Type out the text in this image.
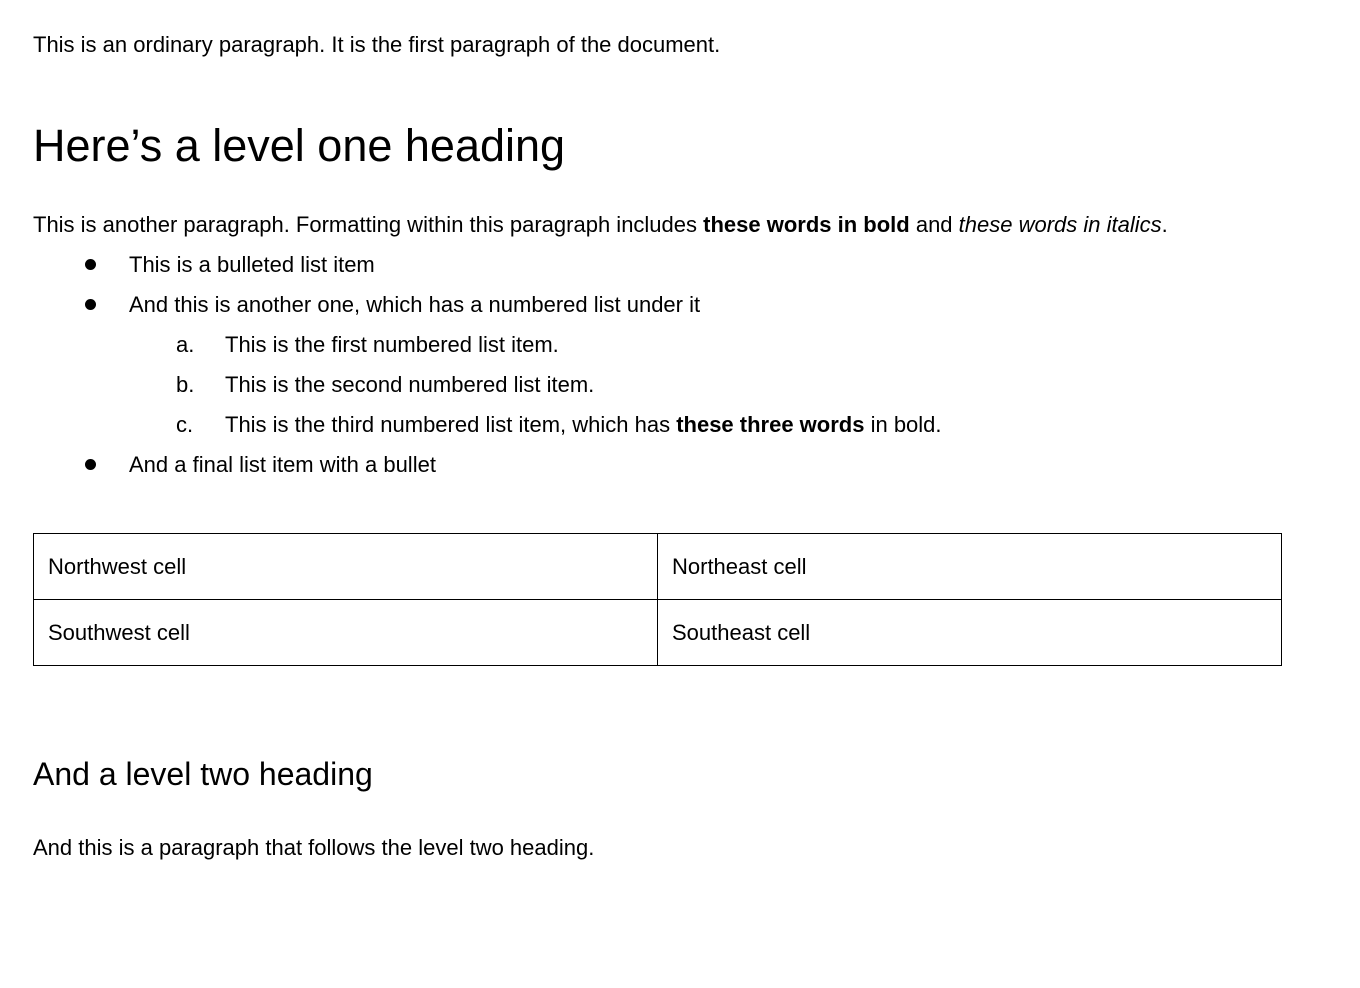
This is an ordinary paragraph. It is the first paragraph of the document.

Here’s a level one heading

This is another paragraph. Formatting within this paragraph includes these words in bold and these words in italics.

This is a bulleted list item
And this is another one, which has a numbered list under it
a.	This is the first numbered list item.
b.	This is the second numbered list item.
c.	This is the third numbered list item, which has these three words in bold.
And a final list item with a bullet
Northwest cell	Northeast cell
Southwest cell	Southeast cell
And a level two heading

And this is a paragraph that follows the level two heading.
